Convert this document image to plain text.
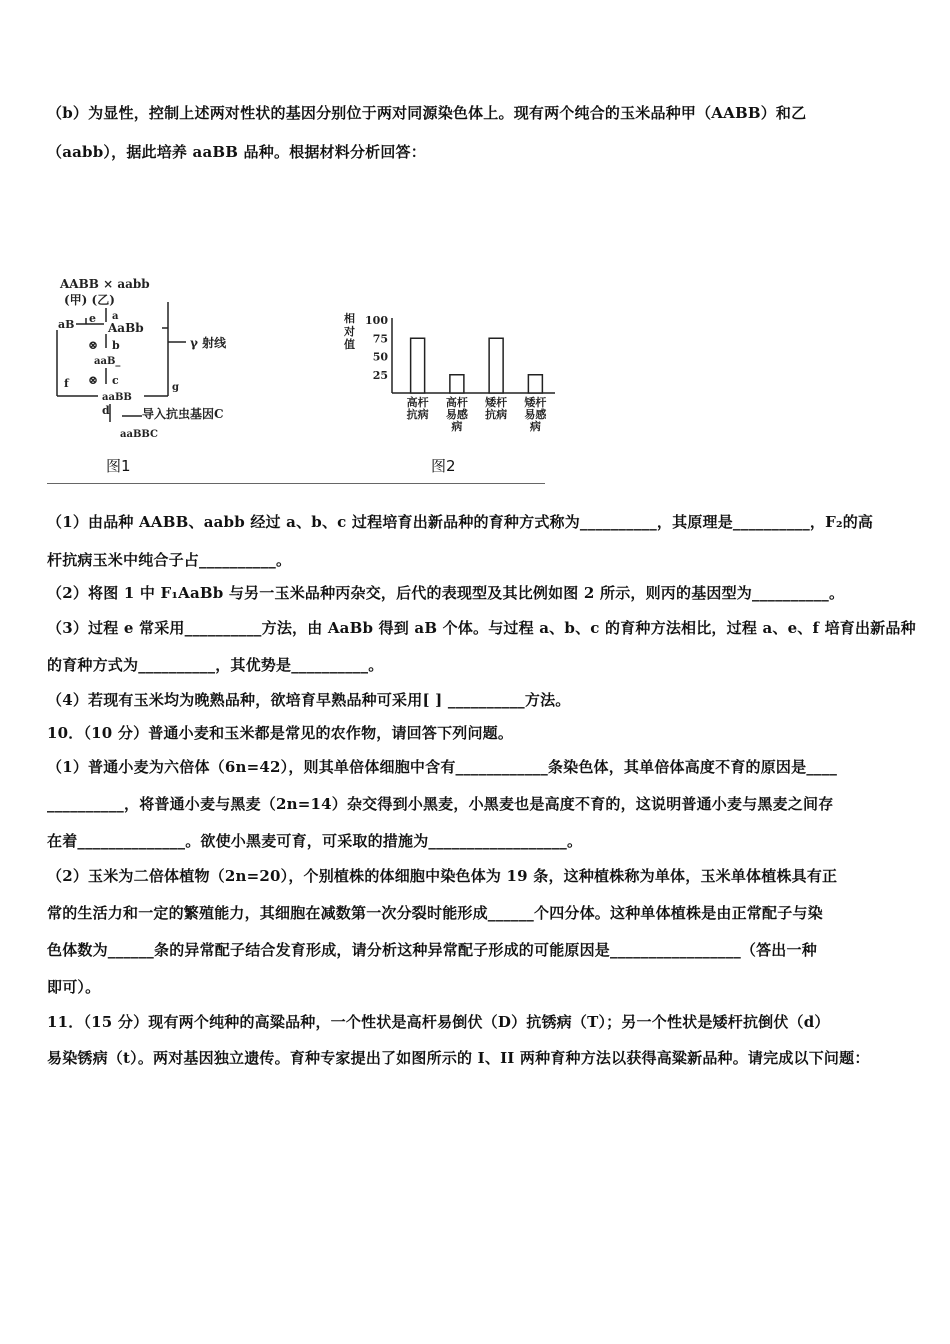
（b）为显性，控制上述两对性状的基因分别位于两对同源染色体上。现有两个纯合的玉米品种甲（AABB）和乙
（aabb），据此培养 aaBB 品种。根据材料分析回答：
AABB × aabb
(甲) (乙)
a
aB e
AaBb
⊗ b
aaB_
⊗ c
f
γ 射线
g
aaBB
d	导入抗虫基因C
aaBBC
相
对
值
100
75
50
25
高杆
抗病
高杆
易感
病
矮杆
抗病
矮杆
易感
病
图1	图2
（1）由品种 AABB、aabb 经过 a、b、c 过程培育出新品种的育种方式称为__________，其原理是__________，F₂的高
杆抗病玉米中纯合子占__________。
（2）将图 1 中 F₁AaBb 与另一玉米品种丙杂交，后代的表现型及其比例如图 2 所示，则丙的基因型为__________。
（3）过程 e 常采用__________方法，由 AaBb 得到 aB 个体。与过程 a、b、c 的育种方法相比，过程 a、e、f 培育出新品种
的育种方式为__________，其优势是__________。
（4）若现有玉米均为晚熟品种，欲培育早熟品种可采用[ ] __________方法。
10．（10 分）普通小麦和玉米都是常见的农作物，请回答下列问题。
（1）普通小麦为六倍体（6n=42），则其单倍体细胞中含有____________条染色体，其单倍体高度不育的原因是____
__________，将普通小麦与黑麦（2n=14）杂交得到小黑麦，小黑麦也是高度不育的，这说明普通小麦与黑麦之间存
在着______________。欲使小黑麦可育，可采取的措施为__________________。
（2）玉米为二倍体植物（2n=20），个别植株的体细胞中染色体为 19 条，这种植株称为单体，玉米单体植株具有正
常的生活力和一定的繁殖能力，其细胞在减数第一次分裂时能形成______个四分体。这种单体植株是由正常配子与染
色体数为______条的异常配子结合发育形成，请分析这种异常配子形成的可能原因是_________________（答出一种
即可）。
11．（15 分）现有两个纯种的高粱品种，一个性状是高杆易倒伏（D）抗锈病（T）；另一个性状是矮杆抗倒伏（d）
易染锈病（t）。两对基因独立遗传。育种专家提出了如图所示的 I、II 两种育种方法以获得高粱新品种。请完成以下问题：
